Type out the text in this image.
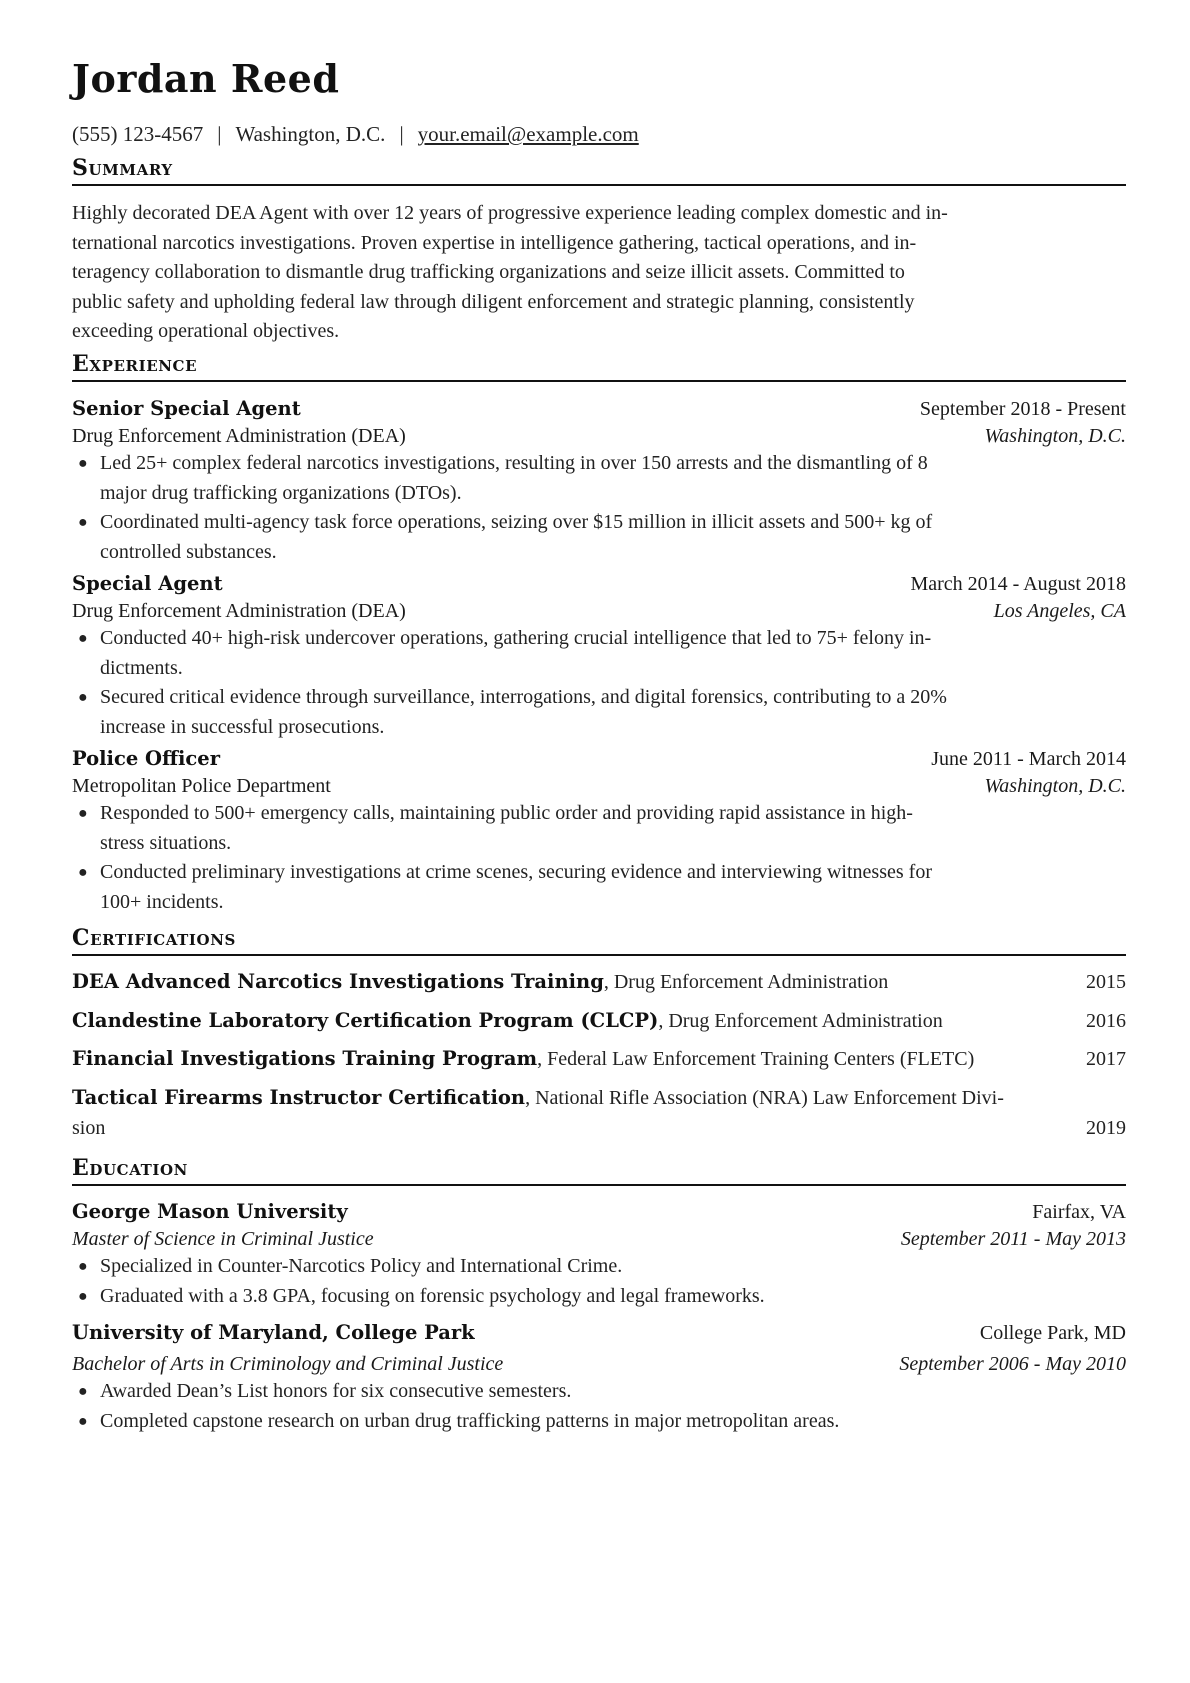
Jordan Reed
(555) 123-4567 | Washington, D.C. | your.email@example.com
Summary
Highly decorated DEA Agent with over 12 years of progressive experience leading complex domestic and in-
ternational narcotics investigations. Proven expertise in intelligence gathering, tactical operations, and in-
teragency collaboration to dismantle drug trafficking organizations and seize illicit assets. Committed to
public safety and upholding federal law through diligent enforcement and strategic planning, consistently
exceeding operational objectives.
Experience
Senior Special Agent	September 2018 - Present
Drug Enforcement Administration (DEA)	Washington, D.C.
● Led 25+ complex federal narcotics investigations, resulting in over 150 arrests and the dismantling of 8
major drug trafficking organizations (DTOs).
● Coordinated multi-agency task force operations, seizing over $15 million in illicit assets and 500+ kg of
controlled substances.
Special Agent	March 2014 - August 2018
Drug Enforcement Administration (DEA)	Los Angeles, CA
● Conducted 40+ high-risk undercover operations, gathering crucial intelligence that led to 75+ felony in-
dictments.
● Secured critical evidence through surveillance, interrogations, and digital forensics, contributing to a 20%
increase in successful prosecutions.
Police Officer	June 2011 - March 2014
Metropolitan Police Department	Washington, D.C.
● Responded to 500+ emergency calls, maintaining public order and providing rapid assistance in high-
stress situations.
● Conducted preliminary investigations at crime scenes, securing evidence and interviewing witnesses for
100+ incidents.
Certifications
DEA Advanced Narcotics Investigations Training, Drug Enforcement Administration	2015
Clandestine Laboratory Certification Program (CLCP), Drug Enforcement Administration	2016
Financial Investigations Training Program, Federal Law Enforcement Training Centers (FLETC)	2017
Tactical Firearms Instructor Certification, National Rifle Association (NRA) Law Enforcement Divi-
sion	2019
Education
George Mason University	Fairfax, VA
Master of Science in Criminal Justice	September 2011 - May 2013
● Specialized in Counter-Narcotics Policy and International Crime.
● Graduated with a 3.8 GPA, focusing on forensic psychology and legal frameworks.
University of Maryland, College Park	College Park, MD
Bachelor of Arts in Criminology and Criminal Justice	September 2006 - May 2010
● Awarded Dean’s List honors for six consecutive semesters.
● Completed capstone research on urban drug trafficking patterns in major metropolitan areas.
